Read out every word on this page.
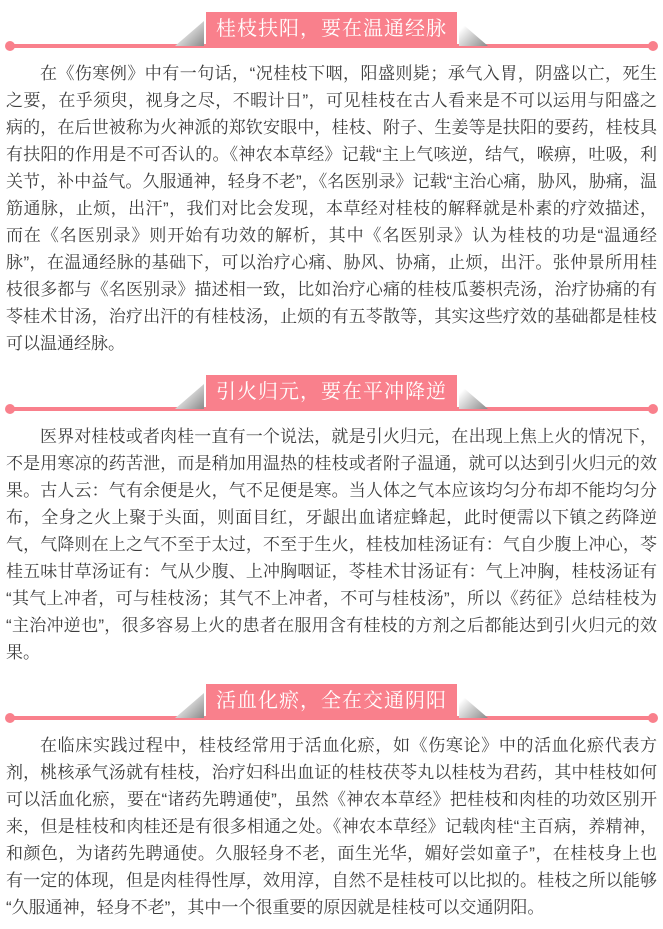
桂枝扶阳，要在温通经脉

在《伤寒例》中有一句话，“况桂枝下咽，阳盛则毙；承气入胃，阴盛以亡，死生之要，在乎须臾，视身之尽，不暇计日”，可见桂枝在古人看来是不可以运用与阳盛之病的，在后世被称为火神派的郑钦安眼中，桂枝、附子、生姜等是扶阳的要药，桂枝具有扶阳的作用是不可否认的。《神农本草经》记载“主上气咳逆，结气，喉痹，吐吸，利关节，补中益气。久服通神，轻身不老”，《名医别录》记载“主治心痛，胁风，胁痛，温筋通脉，止烦，出汗”，我们对比会发现，本草经对桂枝的解释就是朴素的疗效描述，而在《名医别录》则开始有功效的解析，其中《名医别录》认为桂枝的功是“温通经脉”，在温通经脉的基础下，可以治疗心痛、胁风、协痛，止烦，出汗。张仲景所用桂枝很多都与《名医别录》描述相一致，比如治疗心痛的桂枝瓜蒌枳壳汤，治疗协痛的有苓桂术甘汤，治疗出汗的有桂枝汤，止烦的有五苓散等，其实这些疗效的基础都是桂枝可以温通经脉。

引火归元，要在平冲降逆

医界对桂枝或者肉桂一直有一个说法，就是引火归元，在出现上焦上火的情况下，不是用寒凉的药苦泄，而是稍加用温热的桂枝或者附子温通，就可以达到引火归元的效果。古人云：气有余便是火，气不足便是寒。当人体之气本应该均匀分布却不能均匀分布，全身之火上聚于头面，则面目红，牙龈出血诸症蜂起，此时便需以下镇之药降逆气，气降则在上之气不至于太过，不至于生火，桂枝加桂汤证有：气自少腹上冲心，苓桂五味甘草汤证有：气从少腹、上冲胸咽证，苓桂术甘汤证有：气上冲胸，桂枝汤证有“其气上冲者，可与桂枝汤；其气不上冲者，不可与桂枝汤”，所以《药征》总结桂枝为“主治冲逆也”，很多容易上火的患者在服用含有桂枝的方剂之后都能达到引火归元的效果。

活血化瘀，全在交通阴阳

在临床实践过程中，桂枝经常用于活血化瘀，如《伤寒论》中的活血化瘀代表方剂，桃核承气汤就有桂枝，治疗妇科出血证的桂枝茯苓丸以桂枝为君药，其中桂枝如何可以活血化瘀，要在“诸药先聘通使”，虽然《神农本草经》把桂枝和肉桂的功效区别开来，但是桂枝和肉桂还是有很多相通之处。《神农本草经》记载肉桂“主百病，养精神，和颜色，为诸药先聘通使。久服轻身不老，面生光华，媚好尝如童子”，在桂枝身上也有一定的体现，但是肉桂得性厚，效用淳，自然不是桂枝可以比拟的。桂枝之所以能够“久服通神，轻身不老”，其中一个很重要的原因就是桂枝可以交通阴阳。
